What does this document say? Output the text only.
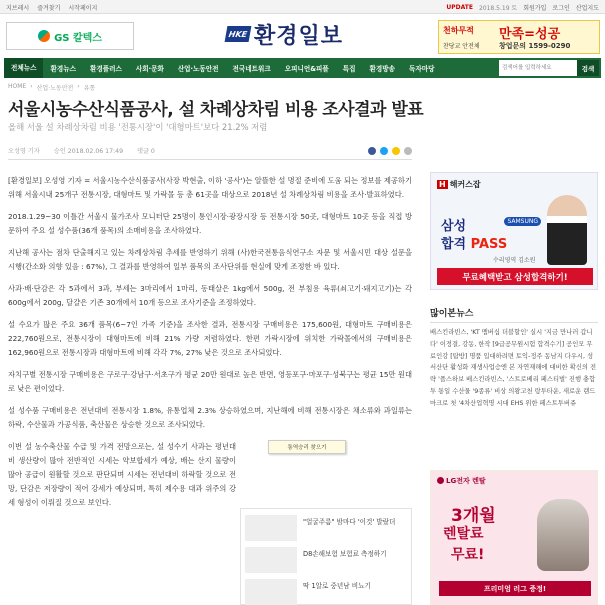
지브레시 즐겨찾기 시작페이지	UPDATE 2018.5.19 토 회원가입 로그인 산업지도
GS 칼텍스	HKE 환경일보	천하무적 만족=성공
찬당교 안전체	창업문의 1599-0290
전체뉴스	환경뉴스	환경플러스	사회·문화	산업·노동안전	전국네트워크	오피니언&피플	특집	환경방송	독자마당
검색어를 입력하세요	검색
HOME › 산업·노동안전 › 유통
서울시농수산식품공사, 설 차례상차림 비용 조사결과 발표
올해 서울 설 차례상차림 비용 '전통시장'이 '대형마트'보다 21.2% 저렴
오성영 기자 승인 2018.02.06 17:49 댓글 0

[환경일보] 오성영 기자 = 서울시농수산식품공사(사장 박현출, 이하 '공사')는 알뜰한 설 명절 준비에 도움 되는 정보를 제공하기 위해 서울시내 25개구 전통시장, 대형마트 및 가락몰 등 총 61곳을 대상으로 2018년 설 차례상차림 비용을 조사·발표하였다.

2018.1.29~30 이틀간 서울시 물가조사 모니터단 25명이 통인시장·광장시장 등 전통시장 50곳, 대형마트 10곳 등을 직접 방문하여 주요 설 성수품(36개 품목)의 소매비용을 조사하였다.

지난해 공사는 점차 단출해지고 있는 차례상차림 추세를 반영하기 위해 (사)한국전통음식연구소 자문 및 서울시민 대상 설문을 시행(간소화 의향 있음 : 67%), 그 결과를 반영하여 일부 품목의 조사단위를 현실에 맞게 조정한 바 있다.

사과·배·단감은 각 5과에서 3과, 부세는 3마리에서 1마리, 동태살은 1kg에서 500g, 전 부침용 육류(쇠고기·돼지고기)는 각 600g에서 200g, 달걀은 기존 30개에서 10개 등으로 조사기준을 조정하였다.

설 수요가 많은 주요 36개 품목(6~7인 가족 기준)을 조사한 결과, 전통시장 구매비용은 175,600원, 대형마트 구매비용은 222,760원으로, 전통시장이 대형마트에 비해 21% 가량 저렴하였다. 한편 가락시장에 위치한 가락몰에서의 구매비용은 162,960원으로 전통시장과 대형마트에 비해 각각 7%, 27% 낮은 것으로 조사되었다.

자치구별 전통시장 구매비용은 구로구·강남구·서초구가 평균 20만 원대로 높은 반면, 영등포구·마포구·성북구는 평균 15만 원대로 낮은 편이었다.

설 성수품 구매비용은 전년대비 전통시장 1.8%, 유통업체 2.3% 상승하였으며, 지난해에 비해 전통시장은 채소류와 과일류는 하락, 수산물과 가공식품, 축산물은 상승한 것으로 조사되었다.

이번 설 농수축산물 수급 및 가격 전망으로는, 설 성수기 사과는 평년대비 생산량이 많아 전반적인 시세는 약보합세가 예상, 배는 산지 물량이 많아 공급이 원활할 것으로 판단되며 시세는 전년대비 하락할 것으로 전망, 단감은 저장량이 적어 강세가 예상되며, 특히 제수용 대과 위주의 강세 형성이 이뤄질 것으로 보인다.

통역승리 찾으기
"얼굴주름" 밤마다 '이것' 발랐더
D8손해보험 보험료 측정하기
딱 1알로 중년남 비뇨기
H 해커스잡
삼성
합격 PASS
SAMSUNG
수리영역 김소원
무료혜택받고 삼성합격하기!
많이본뉴스
배스킨라빈스, 'KT 멤버십 더블할인' 실시 '지금 만나러 갑니다' 이정결, 강동, 한작 [9급공무원시험 합격수기] 공인모 무료인강 [탐방] 명품 입대하려면 토익-정주 동남지 다우시, 성서산단 활성화 재생사업승엔 본 자연재해에 대비한 확신의 전략 '플스하보 배스킨라빈스, '스트로베리 페스티벌' 진행 충합 투 통일 수산물 '9종류' 비상 의왕고천 랑투타운, 새로운 랜드마크로 첫 '4차산업혁명 시대 EHS 위한 페스트투버쥬
LG전자 렌탈
3개월
렌탈료
무료!
프리미엄 러그 증정!
